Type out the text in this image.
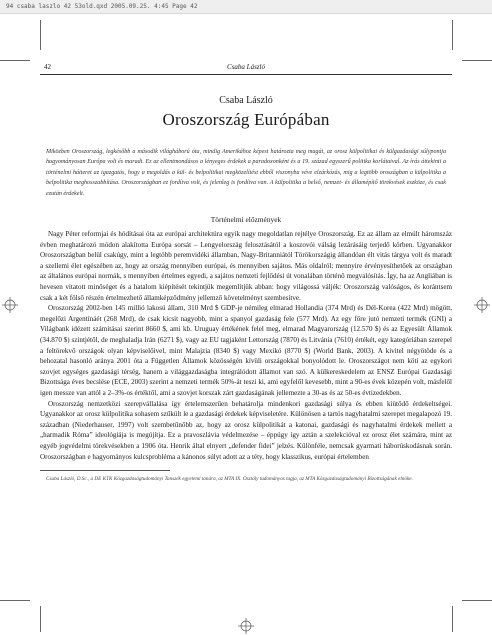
94 csaba laszlo 42 53old.qxd 2005.09.25. 4:45 Page 42
42	Csaba László
Csaba László
Oroszország Európában
Miközben Oroszország, legkésőbb a második világháború óta, mindig Amerikához képest határozta meg magát, az orosz külpolitikai és külgazdasági súlypontja hagyományosan Európa volt és maradt. Ez az ellentmondásos a lényeges érdekek a paradoxonként és a 19. század egyszerű politika korlátaival. Az írás áttekinti a történelmi hátteret az igazgatás, hogy a megoldás a kül- és belpolitikai megközelítést ebből viszonyba véve elzárkózás, mig a legtöbb oroszágban a külpolitika a belpolitika meghosszabbítása. Oroszországban ez fordítva volt, és jelenleg is fordítva van. A külpolitika a belső, nemzet- és államépítő törekvések eszköze, és csak ezután érdekelt.
Történelmi előzmények

Nagy Péter reformjai és hódításai óta az európai architektúra egyik nagy megoldatlan rejtélye Oroszország. Ez az állam az elmúlt háromszáz évben meghatározó módon alakította Európa sorsát – Lengyelország felosztásától a koszovói válság lezárásáig terjedő körben. Ugyanakkor Oroszországban belül csakúgy, mint a legtöbb peremvidéki államban, Nagy-Britanniától Törökországig állandóan élt vitás tárgya volt és maradt a szellemi élet egészében az, hogy az ország mennyiben európai, és mennyiben sajátos. Más oldalról: mennyire érvényesíthetőek az országban az általános európai normák, s mennyiben értelmes egyedi, a sajátos nemzeti fejlődési út vonalában történő megvalósítás. Így, ha az Angliában is hevesen vitatott minőséget és a hatalom kiépítését tekintjük megemlítjük abban: hogy világossá váljék: Oroszország valóságos, és korántsem csak a két fölső részén értelmezhető államképződmény jellemző követelményt szembesítve.

Oroszország 2002-ben 145 millió lakosú állam, 310 Mrd $ GDP-je némileg elmarad Hollandia (374 Mrd) és Dél-Korea (422 Mrd) mögött, megelőzi Argentínáét (268 Mrd), de csak kicsit nagyobb, mint a spanyol gazdaság fele (577 Mrd). Az egy főre jutó nemzeti termék (GNI) a Világbank idézett számításai szerint 8660 $, ami kb. Uruguay értékének felel meg, elmarad Magyarország (12.570 $) és az Egyesült Államok (34.870 $) szintjétől, de meghaladja Irán (6271 $), vagy az EU tagjaként Lettország (7870) és Litvánia (7610) értékét, egy kategóriában szerepel a feltörekvő országok olyan képviselőivel, mint Malajzia (8340 $) vagy Mexikó (8770 $) (World Bank, 2003). A kivitel négyötöde és a behozatal hasonló aránya 2001 óta a Független Államok közösségén kívüli országokkal bonyolódott le. Oroszországot nem köti az egykori szovjet egységes gazdasági térség, hanem a világgazdaságba integrálódott államot van szó. A külkereskedelem az ENSZ Európai Gazdasági Bizottsága éves becslése (ECE, 2003) szerint a nemzeti termék 50%-át teszi ki, ami egyfelől kevesebb, mint a 90-es évek közepén volt, másfelől igen messze van attól a 2–3%-os értéktől, ami a szovjet korszak zárt gazdaságának jellemezte a 30-as és az 50-es évtizedekben.

Oroszország nemzetközi szerepvállalása így értelemszerűen behatárolja mindenkori gazdasági súlya és ebben kiütődő érdekeltségei. Ugyanakkor az orosz külpolitika sohasem szűkült le a gazdasági érdekek képviseletére. Különösen a tartós nagyhatalmi szerepet megalapozó 19. században (Niederhauser, 1997) volt szembetűnőbb az, hogy az orosz külpolitikát a katonai, gazdasági és nagyhatalmi érdekek mellett a „harmadik Róma” ideológiája is megújítja. Ez a pravoszlávia védelmezése – éppúgy így aztán a szelekcióval ez orosz élet számára, mint az egyéb jogvédelmi törekvésekben a 1906 óta. Henrik által elnyert „defender fidei” jelzés. Különféle, nemcsak gyarmati háborúskodásnak során. Oroszországban e hagyományos kulcsprobléma a kánonos súlyt adott az a téty, hogy klasszikus, európai értelemben

Csaba László, D.Sc., a DE KTK Közgazdaságtudományi Tanszék egyetemi tanára, az MTA IX. Osztály tudományos tagja, az MTA Közgazdaságtudományi Bizottságának elnöke.
